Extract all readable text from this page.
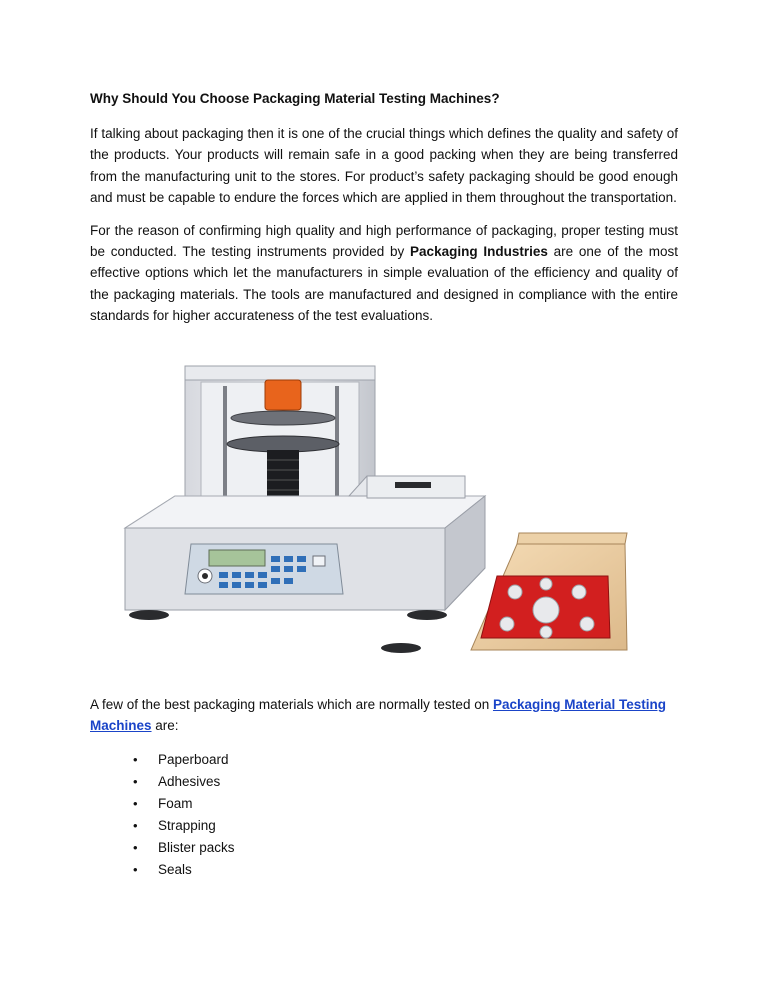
Why Should You Choose Packaging Material Testing Machines?

If talking about packaging then it is one of the crucial things which defines the quality and safety of the products. Your products will remain safe in a good packing when they are being transferred from the manufacturing unit to the stores. For product’s safety packaging should be good enough and must be capable to endure the forces which are applied in them throughout the transportation.

For the reason of confirming high quality and high performance of packaging, proper testing must be conducted. The testing instruments provided by Packaging Industries are one of the most effective options which let the manufacturers in simple evaluation of the efficiency and quality of the packaging materials. The tools are manufactured and designed in compliance with the entire standards for higher accurateness of the test evaluations.

A few of the best packaging materials which are normally tested on Packaging Material Testing Machines are:

•	Paperboard
•	Adhesives
•	Foam
•	Strapping
•	Blister packs
•	Seals
